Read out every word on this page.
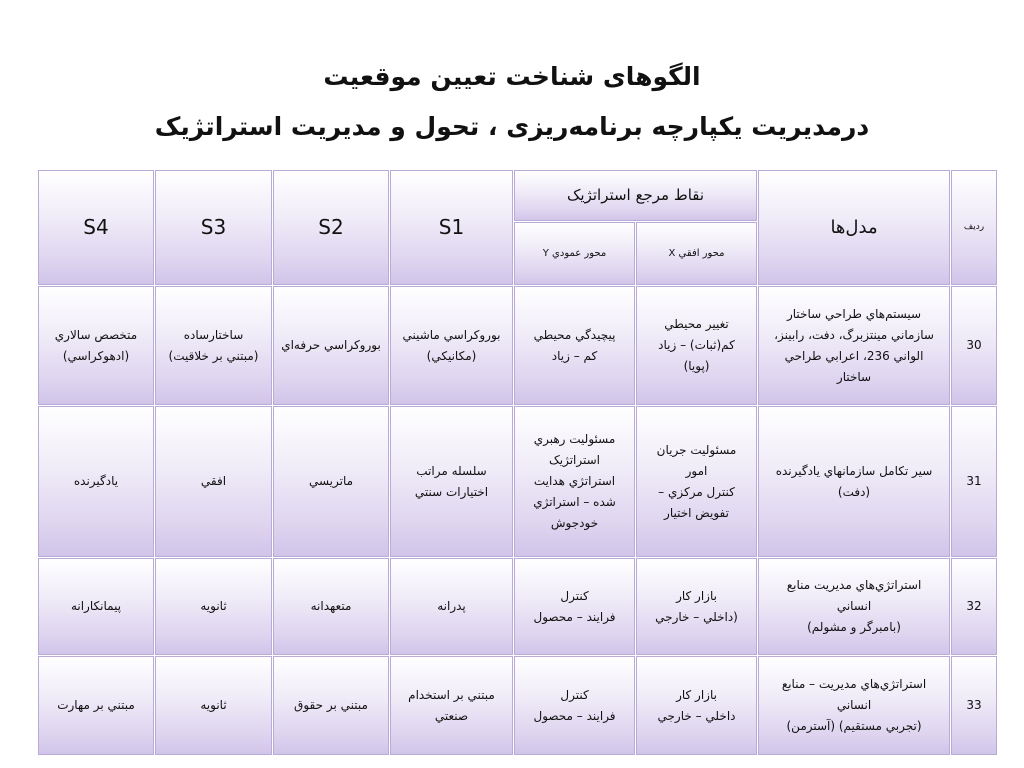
الگوهای شناخت تعیین موقعیت
درمدیریت یکپارچه برنامه‌ریزی ، تحول و مدیریت استراتژیک
رديف	مدل‌ها	نقاط مرجع استراتژیک		S1	S2	S3	S4
		محور افقي X	محور عمودي Y				

30	سيستم‌هاي طراحي ساختار
سازماني مينتزبرگ، دفت، رابينز،
الواني 236، اعرابي طراحي
ساختار	تغيير محيطي
کم(ثبات) – زياد
(پويا)	پيچيدگي محيطي
کم – زياد	بوروکراسي ماشيني
(مکانيکي)	بوروکراسي حرفه‌اي	ساختارساده
(مبتني بر خلاقيت)	متخصص سالاري
(ادهوکراسي)

31	سير تکامل سازمانهاي يادگيرنده
(دفت)	مسئوليت جريان
امور
کنترل مرکزي –
تفويض اختيار	مسئوليت رهبري
استراتژيک
استراتژي هدايت
شده – استراتژي
خودجوش	سلسله مراتب
اختيارات سنتي	ماتريسي	افقي	يادگيرنده

32	استراتژي‌هاي مديريت منابع
انساني
(بامبرگر و مشولم)	بازار کار
(داخلي – خارجي	کنترل
فرايند – محصول	پدرانه	متعهدانه	ثانويه	پيمانکارانه

33	استراتژي‌هاي مديريت – منابع
انساني
(تجربي مستقيم) (آسترمن)	بازار کار
داخلي – خارجي	کنترل
فرايند – محصول	مبتني بر استخدام
صنعتي	مبتني بر حقوق	ثانويه	مبتني بر مهارت
